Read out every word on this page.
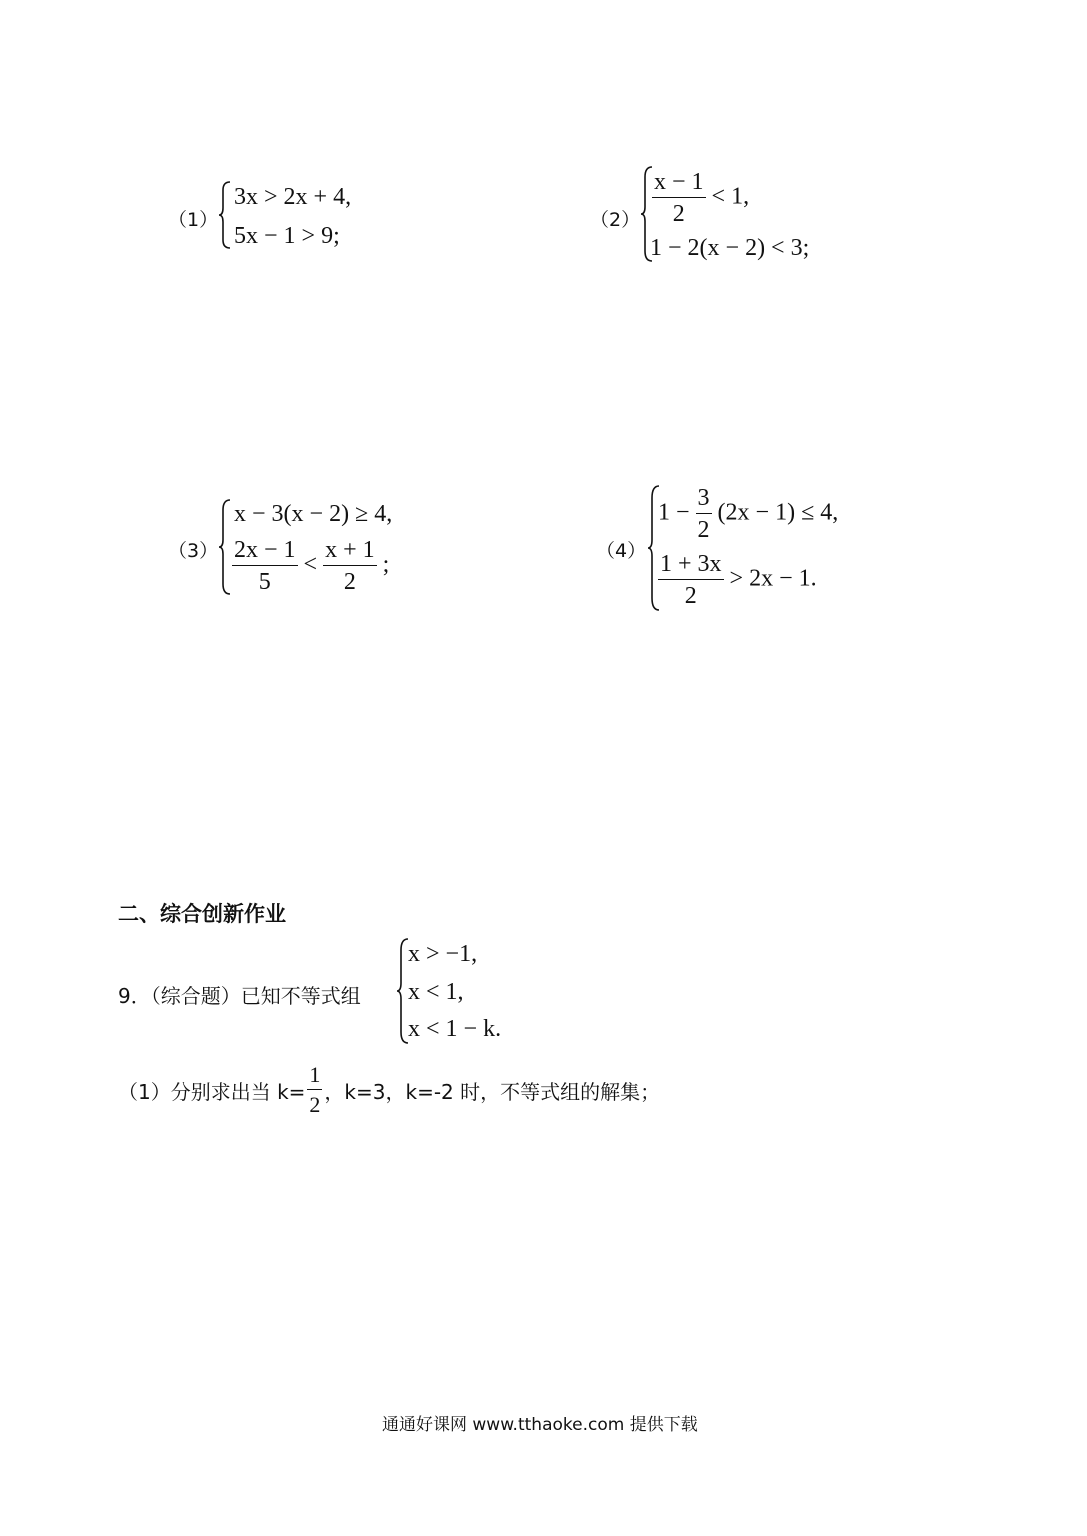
（1）
3x > 2x + 4,
5x − 1 > 9;
$(2) \frac{x - 1}{2} < 1$,
1 − 2(x − 2) < 3;
（3）
x − 3(x − 2) ≥ 4,
$\frac{2x - 1}{5} < \frac{x + 1}{2}$ ;
（4）
$1 - \frac{3}{2} (2x - 1) \le 4$,
$\frac{1 + 3x}{2} > 2x - 1$.
二、综合创新作业
9．（综合题）已知不等式组
x > −1,
x < 1,
x < 1 − k.
（1）分别求出当 $k= \frac{1}{2}$ ，k=3，k=-2 时，不等式组的解集；
通通好课网 www.tthaoke.com 提供下载
